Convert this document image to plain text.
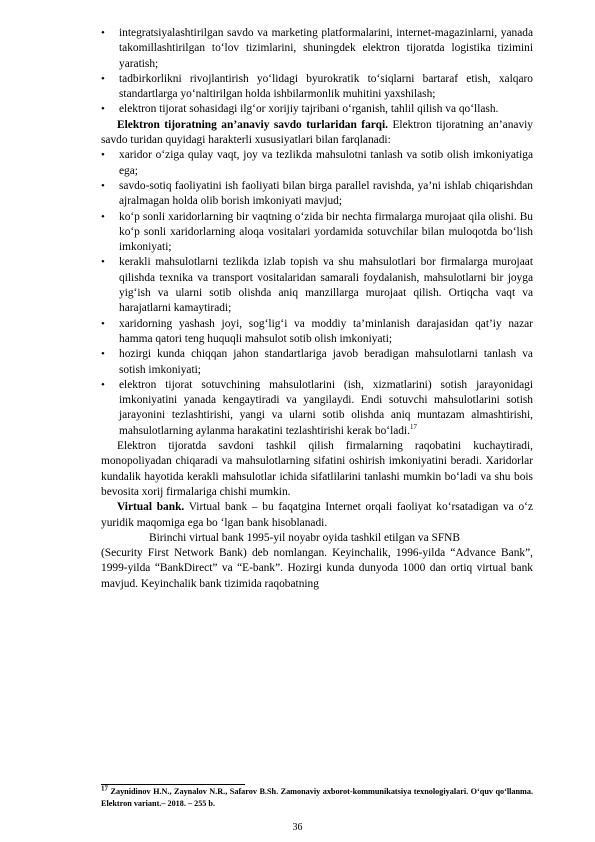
•	integratsiyalashtirilgan savdo va marketing platformalarini, internet-magazinlarni, yanada takomillashtirilgan to‘lov tizimlarini, shuningdek elektron tijoratda logistika tizimini yaratish;
•	tadbirkorlikni rivojlantirish yo‘lidagi byurokratik to‘siqlarni bartaraf etish, xalqaro standartlarga yo‘naltirilgan holda ishbilarmonlik muhitini yaxshilash;
•	elektron tijorat sohasidagi ilg‘or xorijiy tajribani o‘rganish, tahlil qilish va qo‘llash.

Elektron tijoratning an’anaviy savdo turlaridan farqi. Elektron tijoratning an’anaviy savdo turidan quyidagi harakterli xususiyatlari bilan farqlanadi:

•	xaridor o‘ziga qulay vaqt, joy va tezlikda mahsulotni tanlash va sotib olish imkoniyatiga ega;
•	savdo-sotiq faoliyatini ish faoliyati bilan birga parallel ravishda, ya’ni ishlab chiqarishdan ajralmagan holda olib borish imkoniyati mavjud;
•	ko‘p sonli xaridorlarning bir vaqtning o‘zida bir nechta firmalarga murojaat qila olishi. Bu ko‘p sonli xaridorlarning aloqa vositalari yordamida sotuvchilar bilan muloqotda bo‘lish imkoniyati;
•	kerakli mahsulotlarni tezlikda izlab topish va shu mahsulotlari bor firmalarga murojaat qilishda texnika va transport vositalaridan samarali foydalanish, mahsulotlarni bir joyga yig‘ish va ularni sotib olishda aniq manzillarga murojaat qilish. Ortiqcha vaqt va harajatlarni kamaytiradi;
•	xaridorning yashash joyi, sog‘lig‘i va moddiy ta’minlanish darajasidan qat’iy nazar hamma qatori teng huquqli mahsulot sotib olish imkoniyati;
•	hozirgi kunda chiqqan jahon standartlariga javob beradigan mahsulotlarni tanlash va sotish imkoniyati;
•	elektron tijorat sotuvchining mahsulotlarini (ish, xizmatlarini) sotish jarayonidagi imkoniyatini yanada kengaytiradi va yangilaydi. Endi sotuvchi mahsulotlarini sotish jarayonini tezlashtirishi, yangi va ularni sotib olishda aniq muntazam almashtirishi, mahsulotlarning aylanma harakatini tezlashtirishi kerak bo‘ladi.$^{17}$

Elektron tijoratda savdoni tashkil qilish firmalarning raqobatini kuchaytiradi, monopoliyadan chiqaradi va mahsulotlarning sifatini oshirish imkoniyatini beradi. Xaridorlar kundalik hayotida kerakli mahsulotlar ichida sifatlilarini tanlashi mumkin bo‘ladi va shu bois bevosita xorij firmalariga chishi mumkin.

Virtual bank. Virtual bank – bu faqatgina Internet orqali faoliyat ko‘rsatadigan va o‘z yuridik maqomiga ega bo ‘lgan bank hisoblanadi.

Birinchi virtual bank 1995-yil noyabr oyida tashkil etilgan va SFNB

(Security First Network Bank) deb nomlangan. Keyinchalik, 1996-yilda “Advance Bank”, 1999-yilda “BankDirect” va “E-bank”. Hozirgi kunda dunyoda 1000 dan ortiq virtual bank mavjud. Keyinchalik bank tizimida raqobatning

$^{17}$ Zaynidinov H.N., Zaynalov N.R., Safarov B.Sh. Zamonaviy axborot-kommunikatsiya texnologiyalari. O‘quv qo‘llanma. Elektron variant.– 2018. – 255 b.
36
